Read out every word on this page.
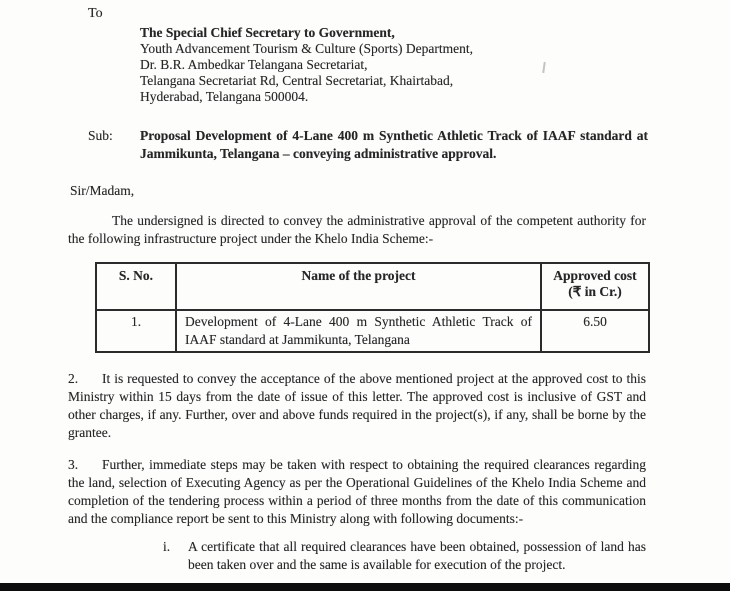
To
The Special Chief Secretary to Government,
Youth Advancement Tourism & Culture (Sports) Department,
Dr. B.R. Ambedkar Telangana Secretariat,
Telangana Secretariat Rd, Central Secretariat, Khairtabad,
Hyderabad, Telangana 500004.
Sub:	Proposal Development of 4-Lane 400 m Synthetic Athletic Track of IAAF standard at Jammikunta, Telangana – conveying administrative approval.
Sir/Madam,
The undersigned is directed to convey the administrative approval of the competent authority for the following infrastructure project under the Khelo India Scheme:-
S. No.	Name of the project	Approved cost
(₹ in Cr.)
1.	Development of 4-Lane 400 m Synthetic Athletic Track of IAAF standard at Jammikunta, Telangana	6.50
2. It is requested to convey the acceptance of the above mentioned project at the approved cost to this Ministry within 15 days from the date of issue of this letter. The approved cost is inclusive of GST and other charges, if any. Further, over and above funds required in the project(s), if any, shall be borne by the grantee.
3. Further, immediate steps may be taken with respect to obtaining the required clearances regarding the land, selection of Executing Agency as per the Operational Guidelines of the Khelo India Scheme and completion of the tendering process within a period of three months from the date of this communication and the compliance report be sent to this Ministry along with following documents:-
i.	A certificate that all required clearances have been obtained, possession of land has been taken over and the same is available for execution of the project.
